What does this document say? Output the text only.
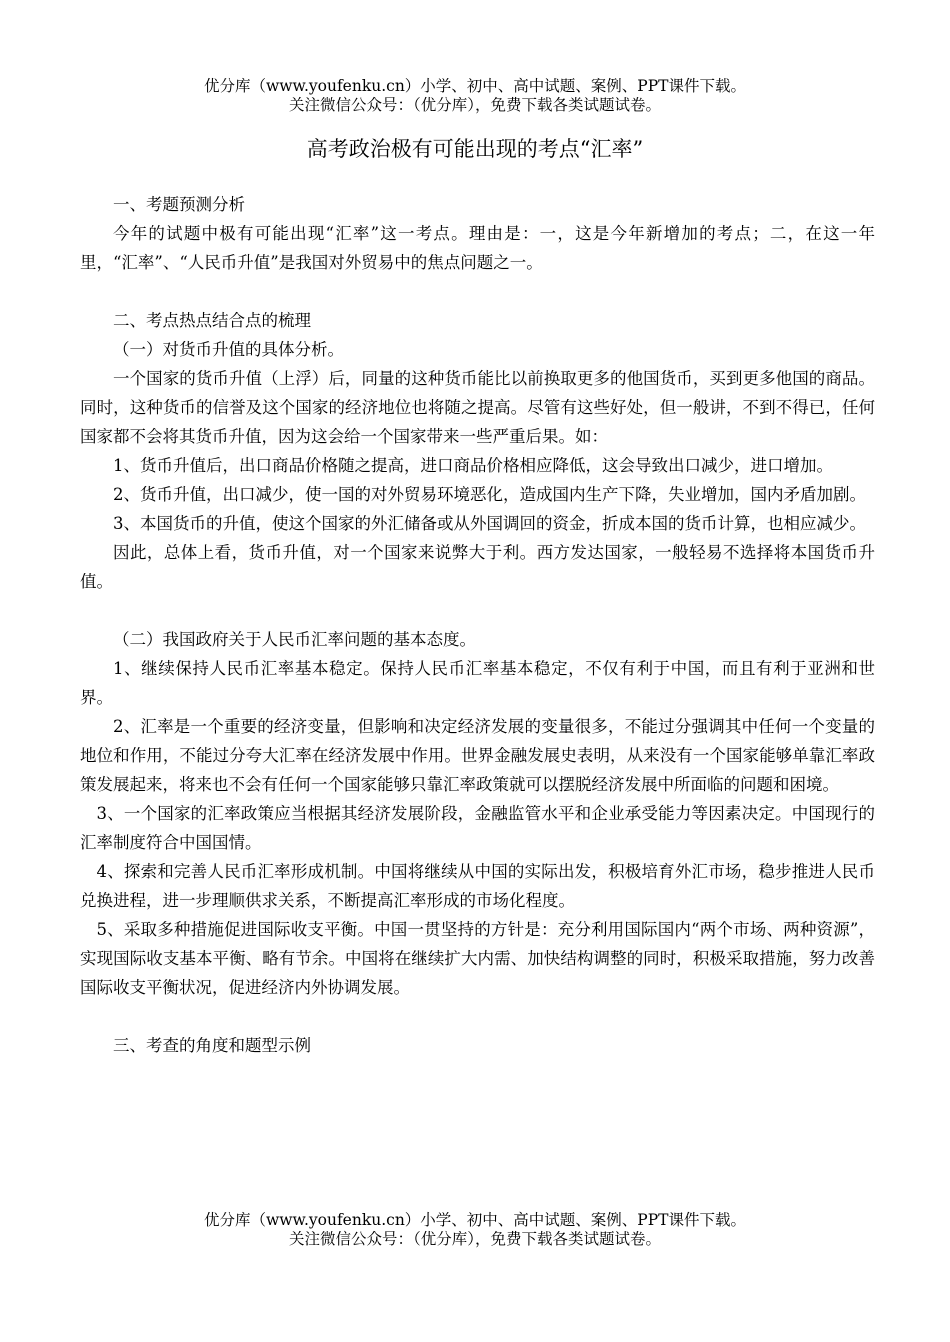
优分库（www.youfenku.cn）小学、初中、高中试题、案例、PPT课件下载。
关注微信公众号：（优分库），免费下载各类试题试卷。
高考政治极有可能出现的考点“汇率”

一、考题预测分析

今年的试题中极有可能出现“汇率”这一考点。理由是：一，这是今年新增加的考点；二，在这一年里，“汇率”、“人民币升值”是我国对外贸易中的焦点问题之一。

二、考点热点结合点的梳理

（一）对货币升值的具体分析。

一个国家的货币升值（上浮）后，同量的这种货币能比以前换取更多的他国货币，买到更多他国的商品。同时，这种货币的信誉及这个国家的经济地位也将随之提高。尽管有这些好处，但一般讲，不到不得已，任何国家都不会将其货币升值，因为这会给一个国家带来一些严重后果。如：

1、货币升值后，出口商品价格随之提高，进口商品价格相应降低，这会导致出口减少，进口增加。

2、货币升值，出口减少，使一国的对外贸易环境恶化，造成国内生产下降，失业增加，国内矛盾加剧。

3、本国货币的升值，使这个国家的外汇储备或从外国调回的资金，折成本国的货币计算，也相应减少。

因此，总体上看，货币升值，对一个国家来说弊大于利。西方发达国家，一般轻易不选择将本国货币升值。

（二）我国政府关于人民币汇率问题的基本态度。

1、继续保持人民币汇率基本稳定。保持人民币汇率基本稳定，不仅有利于中国，而且有利于亚洲和世界。

2、汇率是一个重要的经济变量，但影响和决定经济发展的变量很多，不能过分强调其中任何一个变量的地位和作用，不能过分夸大汇率在经济发展中作用。世界金融发展史表明，从来没有一个国家能够单靠汇率政策发展起来，将来也不会有任何一个国家能够只靠汇率政策就可以摆脱经济发展中所面临的问题和困境。

3、一个国家的汇率政策应当根据其经济发展阶段，金融监管水平和企业承受能力等因素决定。中国现行的汇率制度符合中国国情。

4、探索和完善人民币汇率形成机制。中国将继续从中国的实际出发，积极培育外汇市场，稳步推进人民币兑换进程，进一步理顺供求关系，不断提高汇率形成的市场化程度。

5、采取多种措施促进国际收支平衡。中国一贯坚持的方针是：充分利用国际国内“两个市场、两种资源”，实现国际收支基本平衡、略有节余。中国将在继续扩大内需、加快结构调整的同时，积极采取措施，努力改善国际收支平衡状况，促进经济内外协调发展。

三、考查的角度和题型示例

优分库（www.youfenku.cn）小学、初中、高中试题、案例、PPT课件下载。
关注微信公众号：（优分库），免费下载各类试题试卷。
